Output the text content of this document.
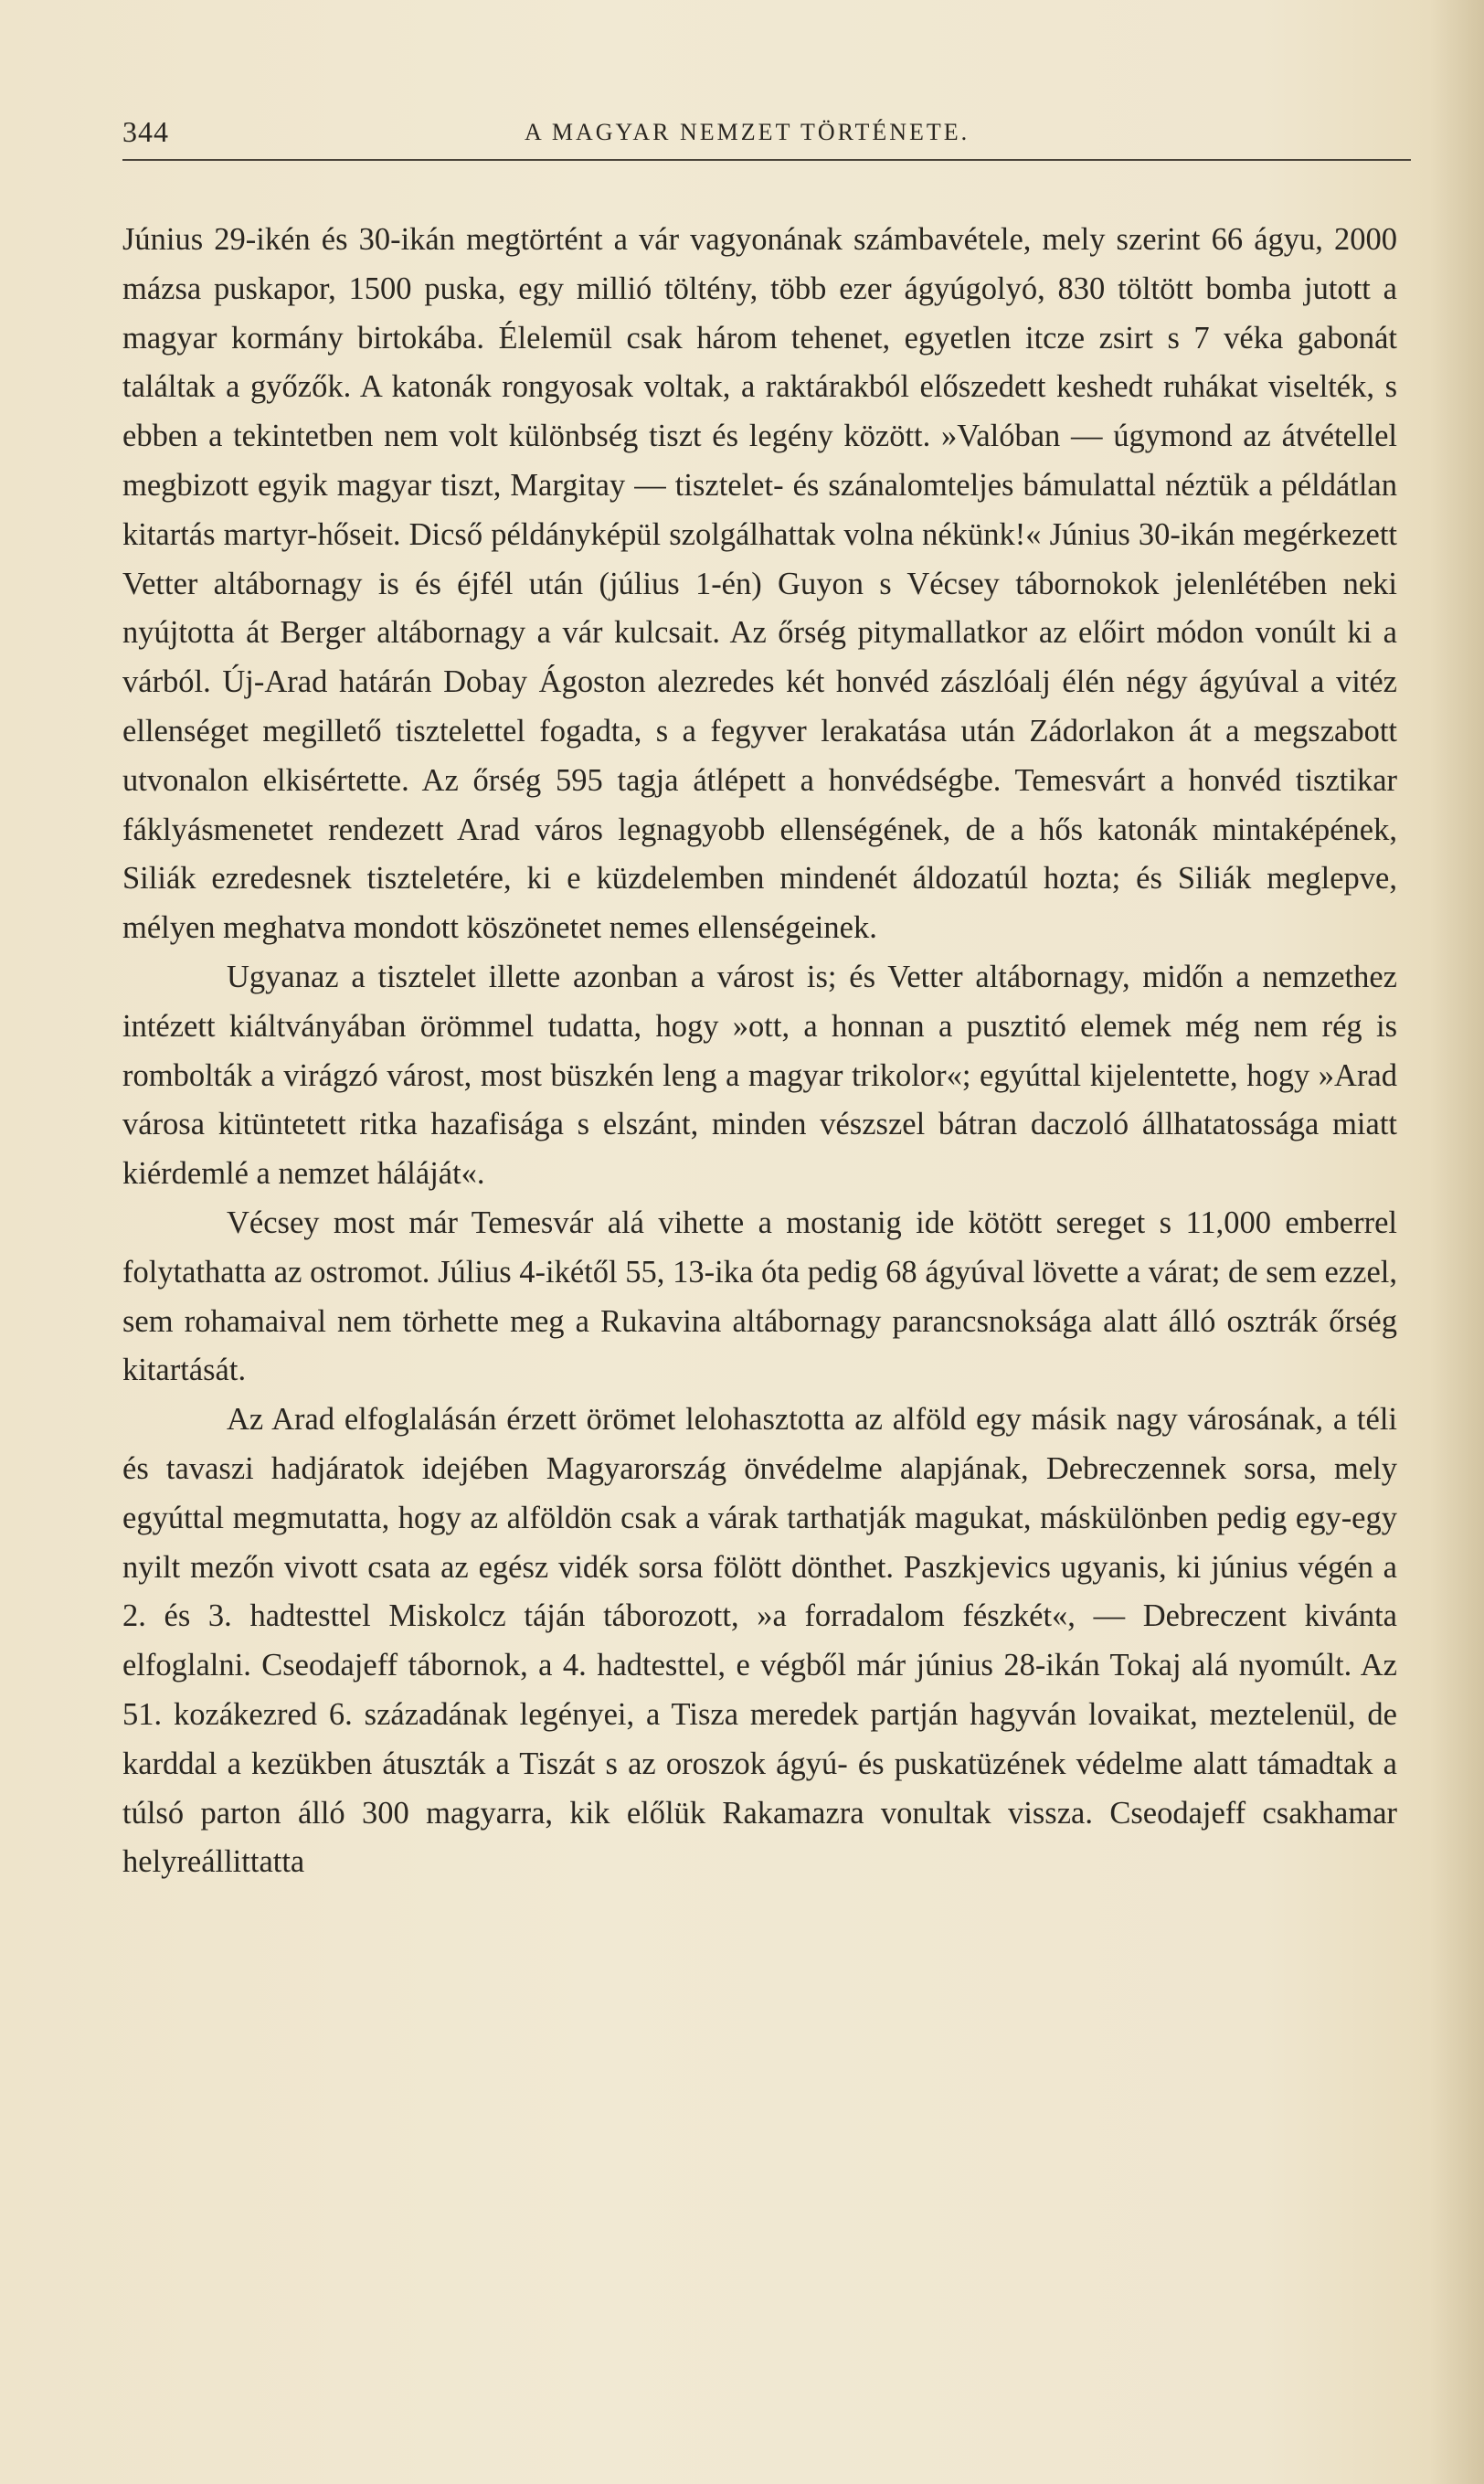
344	A MAGYAR NEMZET TÖRTÉNETE.

Június 29-ikén és 30-ikán megtörtént a vár vagyonának számbavétele, mely szerint 66 ágyu, 2000 mázsa puskapor, 1500 puska, egy millió töltény, több ezer ágyúgolyó, 830 töltött bomba jutott a magyar kormány birtokába. Élelemül csak három tehenet, egyetlen itcze zsirt s 7 véka gabonát találtak a győzők. A katonák rongyosak voltak, a raktárakból előszedett keshedt ruhákat viselték, s ebben a tekintetben nem volt különbség tiszt és legény között. »Valóban — úgymond az átvétellel megbizott egyik magyar tiszt, Margitay — tisztelet- és szánalomteljes bámulattal néztük a példátlan kitartás martyr-hőseit. Dicső példányképül szolgálhattak volna nékünk!« Június 30-ikán megérkezett Vetter altábornagy is és éjfél után (július 1-én) Guyon s Vécsey tábornokok jelenlétében neki nyújtotta át Berger altábornagy a vár kulcsait. Az őrség pitymallatkor az előirt módon vonúlt ki a várból. Új-Arad határán Dobay Ágoston alezredes két honvéd zászlóalj élén négy ágyúval a vitéz ellenséget megillető tisztelettel fogadta, s a fegyver lerakatása után Zádorlakon át a megszabott utvonalon elkisértette. Az őrség 595 tagja átlépett a honvédségbe. Temesvárt a honvéd tisztikar fáklyásmenetet rendezett Arad város legnagyobb ellenségének, de a hős katonák mintaképének, Siliák ezredesnek tiszteletére, ki e küzdelemben mindenét áldozatúl hozta; és Siliák meglepve, mélyen meghatva mondott köszönetet nemes ellenségeinek.

Ugyanaz a tisztelet illette azonban a várost is; és Vetter altábornagy, midőn a nemzethez intézett kiáltványában örömmel tudatta, hogy »ott, a honnan a pusztitó elemek még nem rég is rombolták a virágzó várost, most büszkén leng a magyar trikolor«; egyúttal kijelentette, hogy »Arad városa kitüntetett ritka hazafisága s elszánt, minden vészszel bátran daczoló állhatatossága miatt kiérdemlé a nemzet háláját«.

Vécsey most már Temesvár alá vihette a mostanig ide kötött sereget s 11,000 emberrel folytathatta az ostromot. Július 4-ikétől 55, 13-ika óta pedig 68 ágyúval lövette a várat; de sem ezzel, sem rohamaival nem törhette meg a Rukavina altábornagy parancsnoksága alatt álló osztrák őrség kitartását.

Az Arad elfoglalásán érzett örömet lelohasztotta az alföld egy másik nagy városának, a téli és tavaszi hadjáratok idejében Magyarország önvédelme alapjának, Debreczennek sorsa, mely egyúttal megmutatta, hogy az alföldön csak a várak tarthatják magukat, máskülönben pedig egy-egy nyilt mezőn vivott csata az egész vidék sorsa fölött dönthet. Paszkjevics ugyanis, ki június végén a 2. és 3. hadtesttel Miskolcz táján táborozott, »a forradalom fészkét«, — Debreczent kivánta elfoglalni. Cseodajeff tábornok, a 4. hadtesttel, e végből már június 28-ikán Tokaj alá nyomúlt. Az 51. kozákezred 6. századának legényei, a Tisza meredek partján hagyván lovaikat, meztelenül, de karddal a kezükben átuszták a Tiszát s az oroszok ágyú- és puskatüzének védelme alatt támadtak a túlsó parton álló 300 magyarra, kik előlük Rakamazra vonultak vissza. Cseodajeff csakhamar helyreállittatta
